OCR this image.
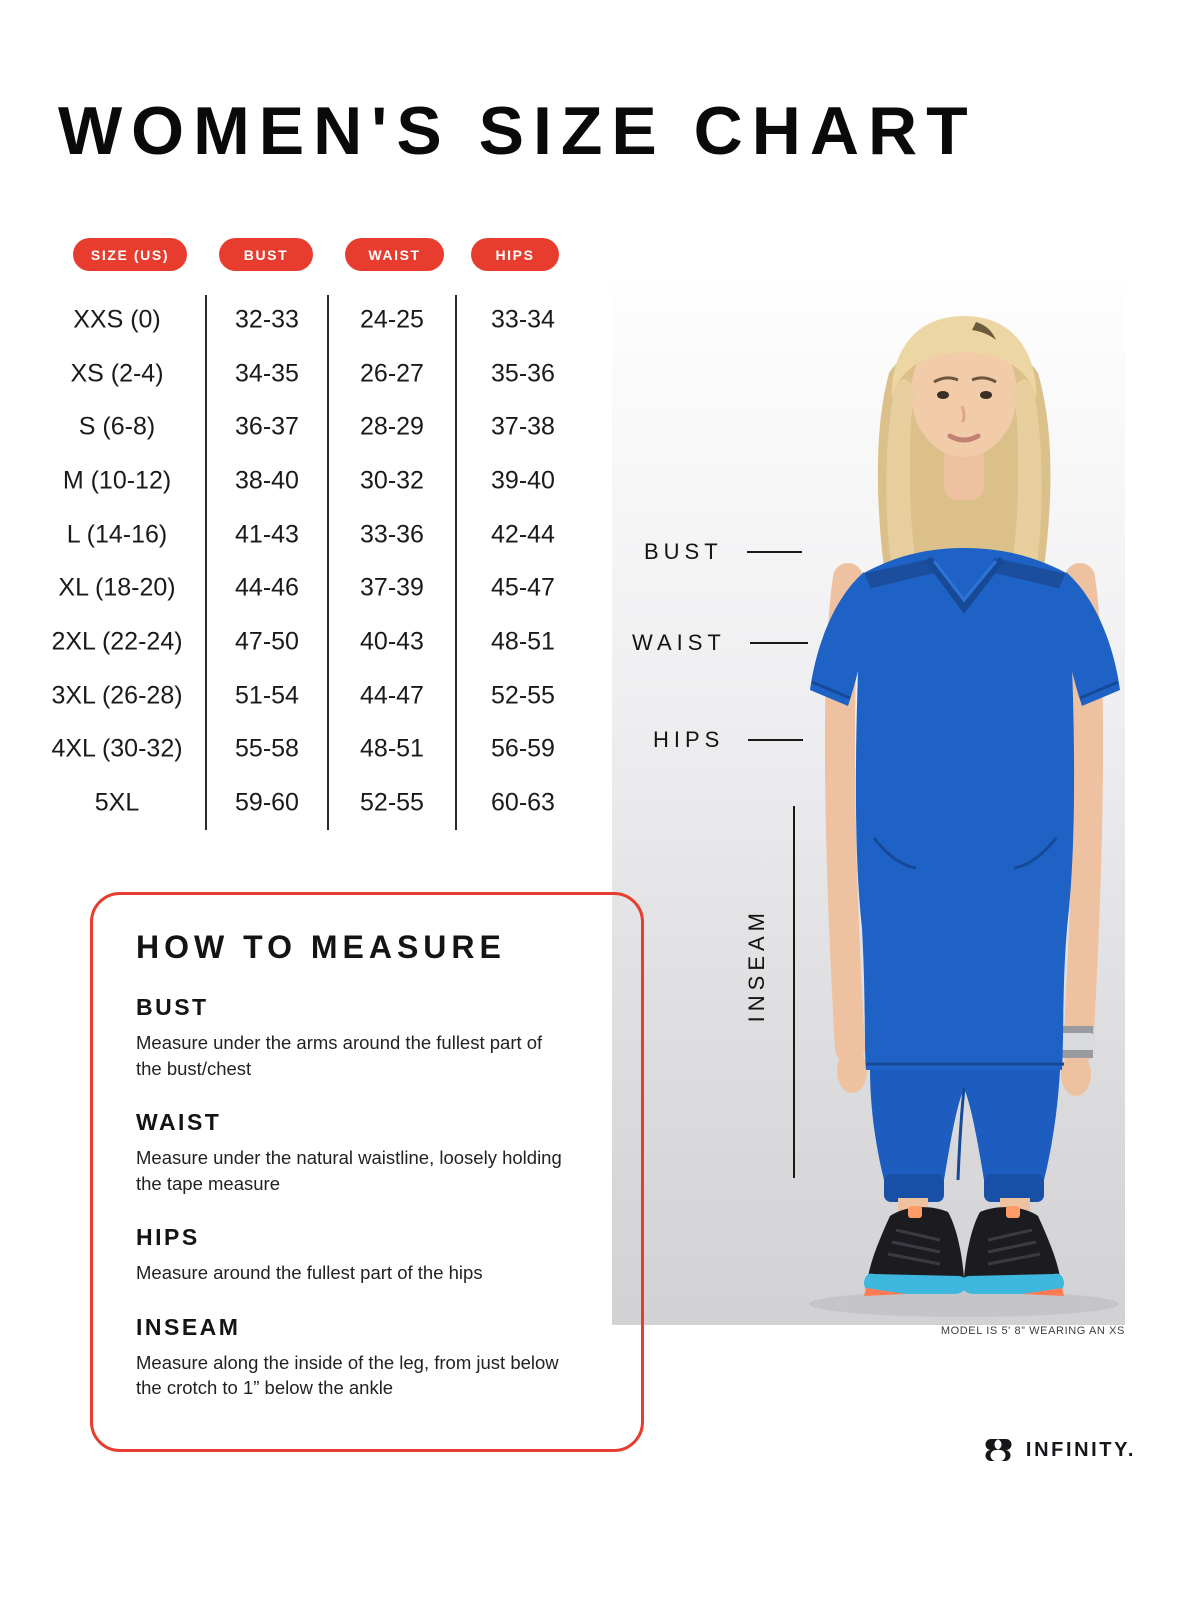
WOMEN'S SIZE CHART
SIZE (US)	BUST	WAIST	HIPS
XXS (0)	32-33	24-25	33-34
XS (2-4)	34-35	26-27	35-36
S (6-8)	36-37	28-29	37-38
M (10-12)	38-40	30-32	39-40
L (14-16)	41-43	33-36	42-44
XL (18-20)	44-46	37-39	45-47
2XL (22-24)	47-50	40-43	48-51
3XL (26-28)	51-54	44-47	52-55
4XL (30-32)	55-58	48-51	56-59
5XL	59-60	52-55	60-63
BUST
WAIST
HIPS
INSEAM
MODEL IS 5' 8” WEARING AN XS
HOW TO MEASURE
BUST
Measure under the arms around the fullest part of the bust/chest
WAIST
Measure under the natural waistline, loosely holding the tape measure
HIPS
Measure around the fullest part of the hips
INSEAM
Measure along the inside of the leg, from just below the crotch to 1” below the ankle
INFINITY.
